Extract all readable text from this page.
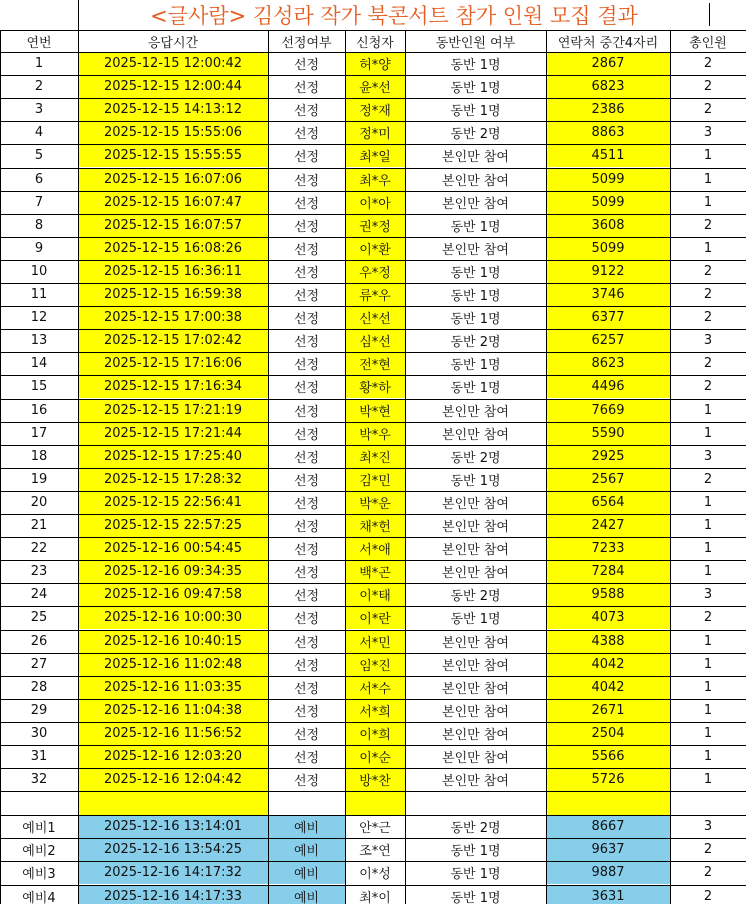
<글사람> 김성라 작가 북콘서트 참가 인원 모집 결과
연번	응답시간	선정여부	신청자	동반인원 여부	연락처 중간4자리	총인원
1	2025-12-15 12:00:42	선정	허*양	동반 1명	2867	2
2	2025-12-15 12:00:44	선정	윤*선	동반 1명	6823	2
3	2025-12-15 14:13:12	선정	정*재	동반 1명	2386	2
4	2025-12-15 15:55:06	선정	정*미	동반 2명	8863	3
5	2025-12-15 15:55:55	선정	최*일	본인만 참여	4511	1
6	2025-12-15 16:07:06	선정	최*우	본인만 참여	5099	1
7	2025-12-15 16:07:47	선정	이*아	본인만 참여	5099	1
8	2025-12-15 16:07:57	선정	권*정	동반 1명	3608	2
9	2025-12-15 16:08:26	선정	이*환	본인만 참여	5099	1
10	2025-12-15 16:36:11	선정	우*정	동반 1명	9122	2
11	2025-12-15 16:59:38	선정	류*우	동반 1명	3746	2
12	2025-12-15 17:00:38	선정	신*선	동반 1명	6377	2
13	2025-12-15 17:02:42	선정	심*선	동반 2명	6257	3
14	2025-12-15 17:16:06	선정	전*현	동반 1명	8623	2
15	2025-12-15 17:16:34	선정	황*하	동반 1명	4496	2
16	2025-12-15 17:21:19	선정	박*현	본인만 참여	7669	1
17	2025-12-15 17:21:44	선정	박*우	본인만 참여	5590	1
18	2025-12-15 17:25:40	선정	최*진	동반 2명	2925	3
19	2025-12-15 17:28:32	선정	김*민	동반 1명	2567	2
20	2025-12-15 22:56:41	선정	박*운	본인만 참여	6564	1
21	2025-12-15 22:57:25	선정	채*헌	본인만 참여	2427	1
22	2025-12-16 00:54:45	선정	서*애	본인만 참여	7233	1
23	2025-12-16 09:34:35	선정	백*곤	본인만 참여	7284	1
24	2025-12-16 09:47:58	선정	이*태	동반 2명	9588	3
25	2025-12-16 10:00:30	선정	이*란	동반 1명	4073	2
26	2025-12-16 10:40:15	선정	서*민	본인만 참여	4388	1
27	2025-12-16 11:02:48	선정	임*진	본인만 참여	4042	1
28	2025-12-16 11:03:35	선정	서*수	본인만 참여	4042	1
29	2025-12-16 11:04:38	선정	서*희	본인만 참여	2671	1
30	2025-12-16 11:56:52	선정	이*희	본인만 참여	2504	1
31	2025-12-16 12:03:20	선정	이*순	본인만 참여	5566	1
32	2025-12-16 12:04:42	선정	방*찬	본인만 참여	5726	1
예비1	2025-12-16 13:14:01	예비	안*근	동반 2명	8667	3
예비2	2025-12-16 13:54:25	예비	조*연	동반 1명	9637	2
예비3	2025-12-16 14:17:32	예비	이*성	동반 1명	9887	2
예비4	2025-12-16 14:17:33	예비	최*이	동반 1명	3631	2
